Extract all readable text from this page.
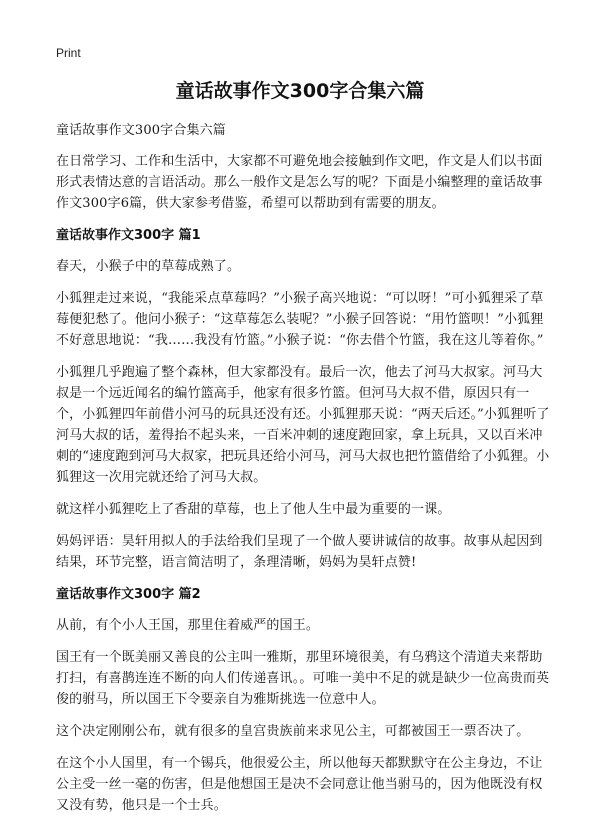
Print
童话故事作文300字合集六篇

童话故事作文300字合集六篇

在日常学习、工作和生活中，大家都不可避免地会接触到作文吧，作文是人们以书面形式表情达意的言语活动。那么一般作文是怎么写的呢？下面是小编整理的童话故事作文300字6篇，供大家参考借鉴，希望可以帮助到有需要的朋友。

童话故事作文300字 篇1

春天，小猴子中的草莓成熟了。

小狐狸走过来说，“我能采点草莓吗？”小猴子高兴地说：“可以呀！”可小狐狸采了草莓便犯愁了。他问小猴子：“这草莓怎么装呢？”小猴子回答说：“用竹篮呗！”小狐狸不好意思地说：“我……我没有竹篮。”小猴子说：“你去借个竹篮，我在这儿等着你。”

小狐狸几乎跑遍了整个森林，但大家都没有。最后一次，他去了河马大叔家。河马大叔是一个远近闻名的编竹篮高手，他家有很多竹篮。但河马大叔不借，原因只有一个，小狐狸四年前借小河马的玩具还没有还。小狐狸那天说：“两天后还。”小狐狸听了河马大叔的话，羞得抬不起头来，一百米冲刺的速度跑回家，拿上玩具，又以百米冲刺的“速度跑到河马大叔家，把玩具还给小河马，河马大叔也把竹篮借给了小狐狸。小狐狸这一次用完就还给了河马大叔。

就这样小狐狸吃上了香甜的草莓，也上了他人生中最为重要的一课。

妈妈评语：昊轩用拟人的手法给我们呈现了一个做人要讲诚信的故事。故事从起因到结果，环节完整，语言简洁明了，条理清晰，妈妈为昊轩点赞!

童话故事作文300字 篇2

从前，有个小人王国，那里住着威严的国王。

国王有一个既美丽又善良的公主叫一雅斯，那里环境很美，有乌鸦这个清道夫来帮助打扫，有喜鹊连连不断的向人们传递喜讯。。可唯一美中不足的就是缺少一位高贵而英俊的驸马，所以国王下令要亲自为雅斯挑选一位意中人。

这个决定刚刚公布，就有很多的皇宫贵族前来求见公主，可都被国王一票否决了。

在这个小人国里，有一个锡兵，他很爱公主，所以他每天都默默守在公主身边，不让公主受一丝一毫的伤害，但是他想国王是决不会同意让他当驸马的，因为他既没有权又没有势，他只是一个士兵。
